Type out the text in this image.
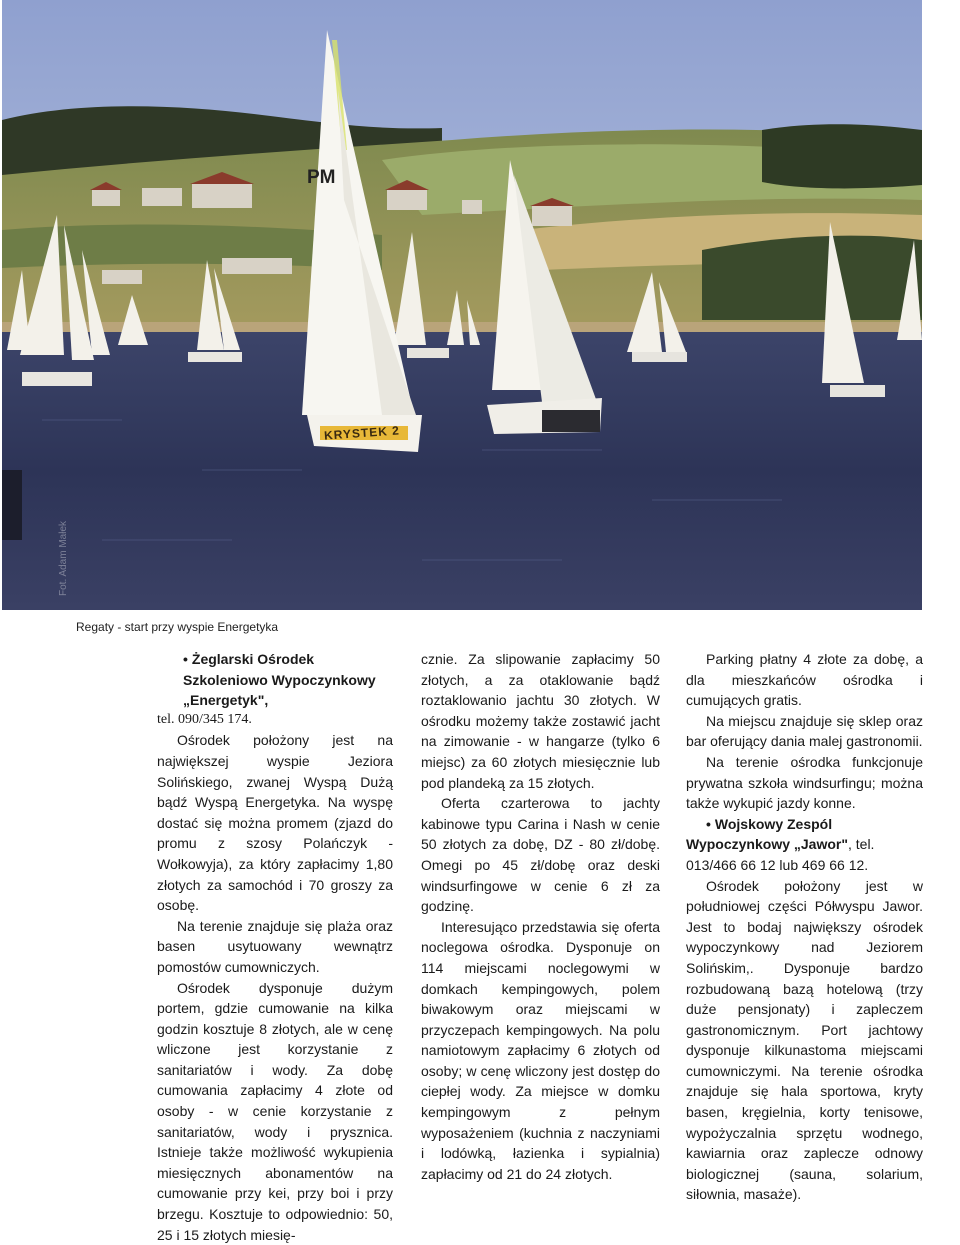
PM
KRYSTEK 2
Fot. Adam Małek
Regaty - start przy wyspie Energetyka

• Żeglarski Ośrodek Szkoleniowo Wypoczynkowy „Energetyk",

tel. 090/345 174.

Ośrodek położony jest na największej wyspie Jeziora Solińskiego, zwanej Wyspą Dużą bądź Wyspą Energetyka. Na wyspę dostać się można promem (zjazd do promu z szosy Polańczyk - Wołkowyja), za który zapłacimy 1,80 złotych za samochód i 70 groszy za osobę.

Na terenie znajduje się plaża oraz basen usytuowany wewnątrz pomostów cumowniczych.

Ośrodek dysponuje dużym portem, gdzie cumowanie na kilka godzin kosztuje 8 złotych, ale w cenę wliczone jest korzystanie z sanitariatów i wody. Za dobę cumowania zapłacimy 4 złote od osoby - w cenie korzystanie z sanitariatów, wody i prysznica. Istnieje także możliwość wykupienia miesięcznych abonamentów na cumowanie przy kei, przy boi i przy brzegu. Kosztuje to odpowiednio: 50, 25 i 15 złotych miesię-

cznie. Za slipowanie zapłacimy 50 złotych, a za otaklowanie bądź roztaklowanio jachtu 30 złotych. W ośrodku możemy także zostawić jacht na zimowanie - w hangarze (tylko 6 miejsc) za 60 złotych miesięcznie lub pod plandeką za 15 złotych.

Oferta czarterowa to jachty kabinowe typu Carina i Nash w cenie 50 złotych za dobę, DZ - 80 zł/dobę. Omegi po 45 zł/dobę oraz deski windsurfingowe w cenie 6 zł za godzinę.

Interesująco przedstawia się oferta noclegowa ośrodka. Dysponuje on 114 miejscami noclegowymi w domkach kempingowych, polem biwakowym oraz miejscami w przyczepach kempingowych. Na polu namiotowym zapłacimy 6 złotych od osoby; w cenę wliczony jest dostęp do ciepłej wody. Za miejsce w domku kempingowym z pełnym wyposażeniem (kuchnia z naczyniami i lodówką, łazienka i sypialnia) zapłacimy od 21 do 24 złotych.

Parking płatny 4 złote za dobę, a dla mieszkańców ośrodka i cumujących gratis.

Na miejscu znajduje się sklep oraz bar oferujący dania malej gastronomii.

Na terenie ośrodka funkcjonuje prywatna szkoła windsurfingu; można także wykupić jazdy konne.

• Wojskowy Zespól Wypoczynkowy „Jawor", tel. 013/466 66 12 lub 469 66 12.

Ośrodek położony jest w południowej części Półwyspu Jawor. Jest to bodaj największy ośrodek wypoczynkowy nad Jeziorem Solińskim,. Dysponuje bardzo rozbudowaną bazą hotelową (trzy duże pensjonaty) i zapleczem gastronomicznym. Port jachtowy dysponuje kilkunastoma miejscami cumowniczymi. Na terenie ośrodka znajduje się hala sportowa, kryty basen, kręgielnia, korty tenisowe, wypożyczalnia sprzętu wodnego, kawiarnia oraz zaplecze odnowy biologicznej (sauna, solarium, siłownia, masaże).
